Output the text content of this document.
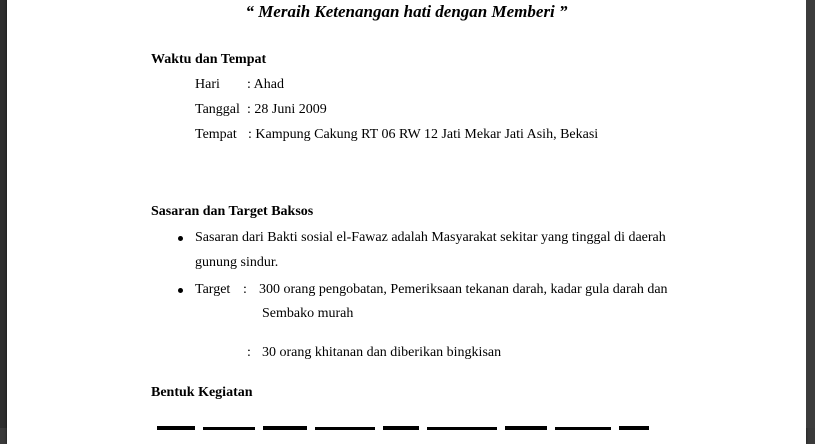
“ Meraih Ketenangan hati dengan Memberi ”
Waktu dan Tempat
Hari : Ahad
Tanggal : 28 Juni 2009
Tempat : Kampung Cakung RT 06 RW 12 Jati Mekar Jati Asih, Bekasi
Sasaran dan Target Baksos
Sasaran dari Bakti sosial el-Fawaz adalah Masyarakat sekitar yang tinggal di daerah
gunung sindur.
Target : 300 orang pengobatan, Pemeriksaan tekanan darah, kadar gula darah dan
Sembako murah
: 30 orang khitanan dan diberikan bingkisan
Bentuk Kegiatan
